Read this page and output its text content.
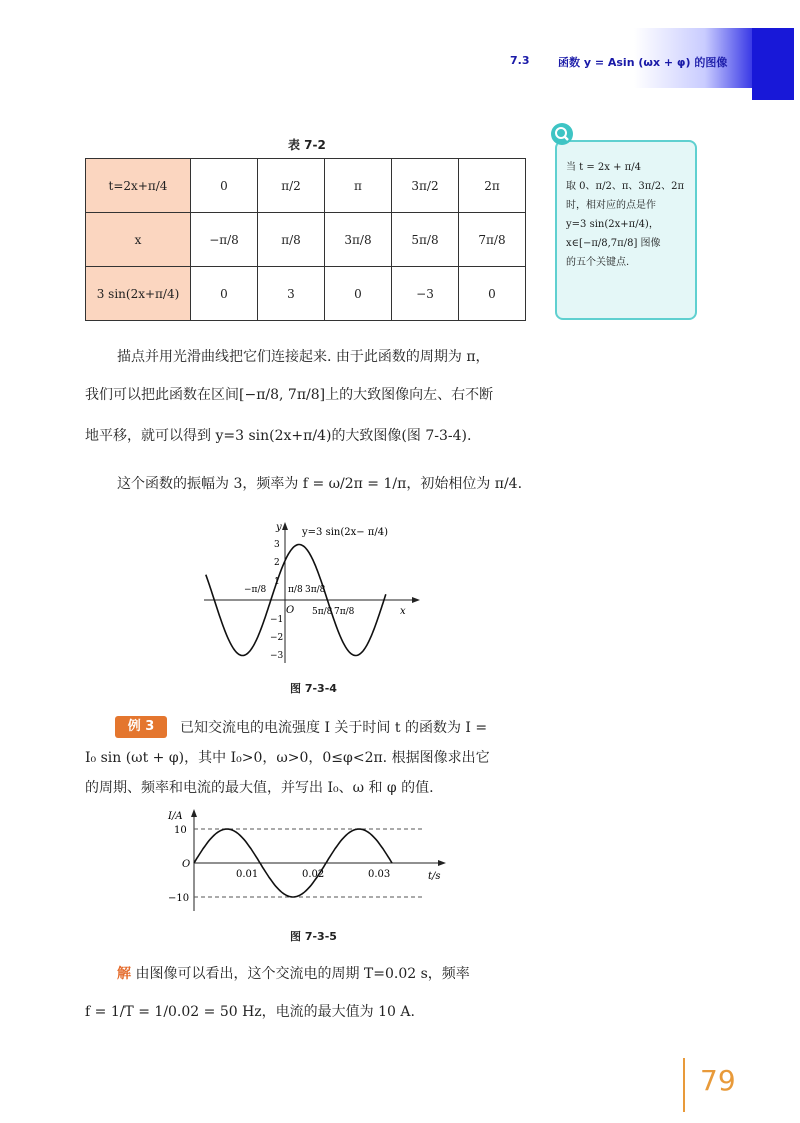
7.3	函数 y = Asin (ωx + φ) 的图像
表 7-2
t=2x+π/4	0	π/2	π	3π/2	2π
x	−π/8	π/8	3π/8	5π/8	7π/8
3 sin(2x+π/4)	0	3	0	−3	0
当 t = 2x + π/4
取 0、π/2、π、3π/2、2π
时，相对应的点是作
y=3 sin(2x+π/4)，
x∈[−π/8,7π/8] 图像
的五个关键点.
描点并用光滑曲线把它们连接起来. 由于此函数的周期为 π，
我们可以把此函数在区间[−π/8, 7π/8]上的大致图像向左、右不断
地平移，就可以得到 y=3 sin(2x+π/4)的大致图像(图 7-3-4).
这个函数的振幅为 3，频率为 f = ω/2π = 1/π，初始相位为 π/4.
y
x
O
y=3 sin(2x− π/4)
3
2
1
−1
−2
−3
−π/8 π/8 3π/8
5π/8 7π/8
图 7-3-4
例 3	已知交流电的电流强度 I 关于时间 t 的函数为 I =
I₀ sin (ωt + φ)，其中 I₀>0，ω>0，0≤φ<2π. 根据图像求出它
的周期、频率和电流的最大值，并写出 I₀、ω 和 φ 的值.
I/A
t/s
O
10
−10
0.01	0.02	0.03
图 7-3-5
解 由图像可以看出，这个交流电的周期 T=0.02 s，频率
f = 1/T = 1/0.02 = 50 Hz，电流的最大值为 10 A.
79
